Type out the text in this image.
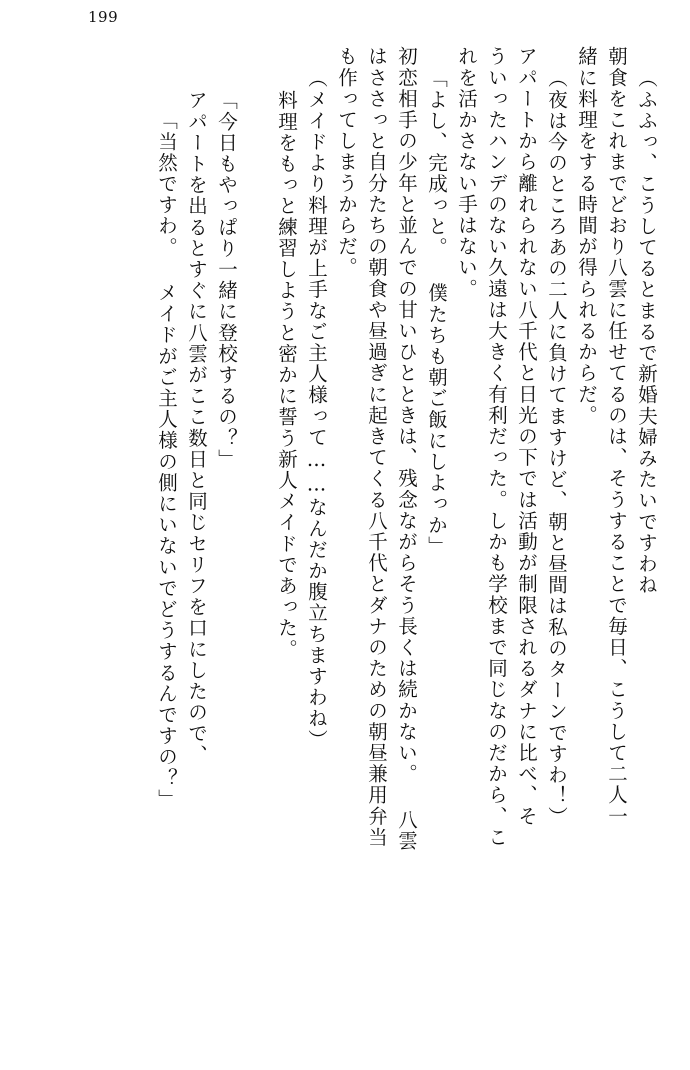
199
（ふふっ、こうしてるとまるで新婚夫婦みたいですわね
朝食をこれまでどおり八雲に任せてるのは、そうすることで毎日、こうして二人一
緒に料理をする時間が得られるからだ。
（夜は今のところあの二人に負けてますけど、朝と昼間は私のターンですわ！）
アパートから離れられない八千代と日光の下では活動が制限されるダナに比べ、そ
ういったハンデのない久遠は大きく有利だった。しかも学校まで同じなのだから、こ
れを活かさない手はない。
「よし、完成っと。 僕たちも朝ご飯にしよっか」
初恋相手の少年と並んでの甘いひとときは、残念ながらそう長くは続かない。 八雲
はささっと自分たちの朝食や昼過ぎに起きてくる八千代とダナのための朝昼兼用弁当
も作ってしまうからだ。
（メイドより料理が上手なご主人様って……なんだか腹立ちますわね）
料理をもっと練習しようと密かに誓う新人メイドであった。
「今日もやっぱり一緒に登校するの？」
アパートを出るとすぐに八雲がここ数日と同じセリフを口にしたので、
「当然ですわ。 メイドがご主人様の側にいないでどうするんですの？」
